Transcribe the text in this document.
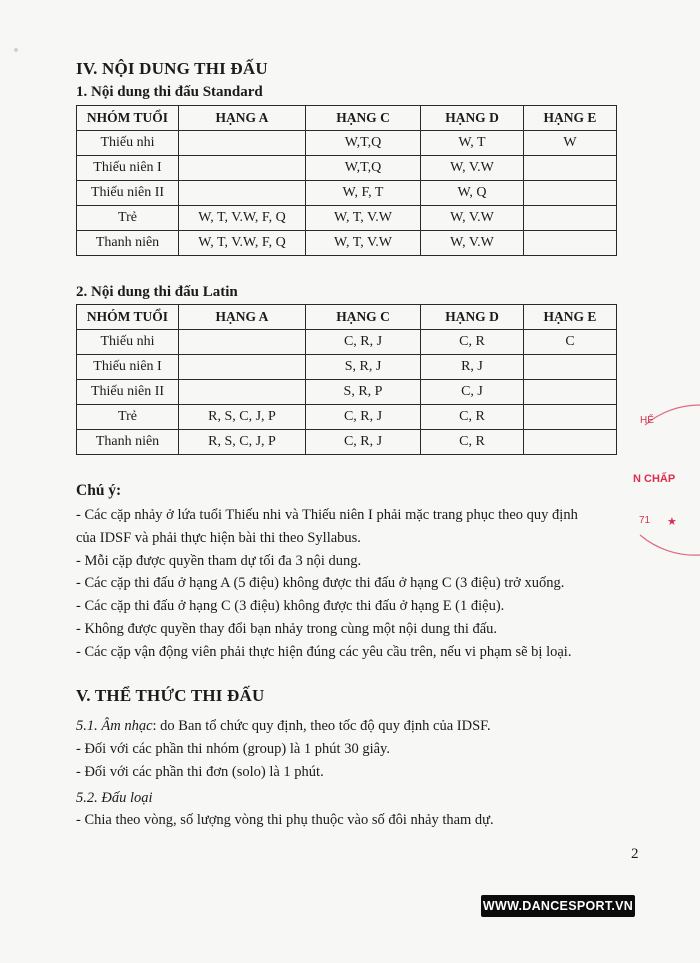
IV. NỘI DUNG THI ĐẤU
1. Nội dung thi đấu Standard
NHÓM TUỔI	HẠNG A	HẠNG C	HẠNG D	HẠNG E
Thiếu nhi		W,T,Q	W, T	W
Thiếu niên I		W,T,Q	W, V.W	
Thiếu niên II		W, F, T	W, Q	
Trẻ	W, T, V.W, F, Q	W, T, V.W	W, V.W	
Thanh niên	W, T, V.W, F, Q	W, T, V.W	W, V.W	
2. Nội dung thi đấu Latin
NHÓM TUỔI	HẠNG A	HẠNG C	HẠNG D	HẠNG E
Thiếu nhi		C, R, J	C, R	C
Thiếu niên I		S, R, J	R, J	
Thiếu niên II		S, R, P	C, J	
Trẻ	R, S, C, J, P	C, R, J	C, R	
Thanh niên	R, S, C, J, P	C, R, J	C, R	
Chú ý:
- Các cặp nhảy ở lứa tuổi Thiếu nhi và Thiếu niên I phải mặc trang phục theo quy định
của IDSF và phải thực hiện bài thi theo Syllabus.
- Mỗi cặp được quyền tham dự tối đa 3 nội dung.
- Các cặp thi đấu ở hạng A (5 điệu) không được thi đấu ở hạng C (3 điệu) trở xuống.
- Các cặp thi đấu ở hạng C (3 điệu) không được thi đấu ở hạng E (1 điệu).
- Không được quyền thay đổi bạn nhảy trong cùng một nội dung thi đấu.
- Các cặp vận động viên phải thực hiện đúng các yêu cầu trên, nếu vi phạm sẽ bị loại.
V. THỂ THỨC THI ĐẤU
5.1. Âm nhạc: do Ban tổ chức quy định, theo tốc độ quy định của IDSF.
- Đối với các phần thi nhóm (group) là 1 phút 30 giây.
- Đối với các phần thi đơn (solo) là 1 phút.
5.2. Đấu loại
- Chia theo vòng, số lượng vòng thi phụ thuộc vào số đôi nhảy tham dự.
2
WWW.DANCESPORT.VN
HỂ
N CHẤP
71 ★
